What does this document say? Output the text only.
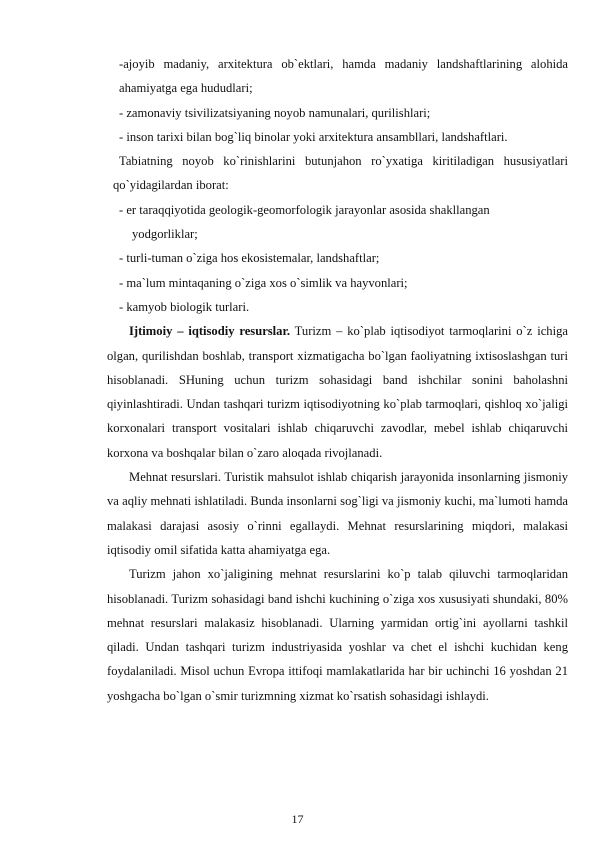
-ajoyib madaniy, arxitektura ob`ektlari, hamda madaniy landshaftlarining alohida ahamiyatga ega hududlari;

- zamonaviy tsivilizatsiyaning noyob namunalari, qurilishlari;

- inson tarixi bilan bog`liq binolar yoki arxitektura ansambllari, landshaftlari.

Tabiatning noyob ko`rinishlarini butunjahon ro`yxatiga kiritiladigan hususiyatlari qo`yidagilardan iborat:

- er taraqqiyotida geologik-geomorfologik jarayonlar asosida shakllangan
yodgorliklar;

- turli-tuman o`ziga hos ekosistemalar, landshaftlar;

- ma`lum mintaqaning o`ziga xos o`simlik va hayvonlari;

- kamyob biologik turlari.

Ijtimoiy – iqtisodiy resurslar. Turizm – ko`plab iqtisodiyot tarmoqlarini o`z ichiga olgan, qurilishdan boshlab, transport xizmatigacha bo`lgan faoliyatning ixtisoslashgan turi hisoblanadi. SHuning uchun turizm sohasidagi band ishchilar sonini baholashni qiyinlashtiradi. Undan tashqari turizm iqtisodiyotning ko`plab tarmoqlari, qishloq xo`jaligi korxonalari transport vositalari ishlab chiqaruvchi zavodlar, mebel ishlab chiqaruvchi korxona va boshqalar bilan o`zaro aloqada rivojlanadi.

Mehnat resurslari. Turistik mahsulot ishlab chiqarish jarayonida insonlarning jismoniy va aqliy mehnati ishlatiladi. Bunda insonlarni sog`ligi va jismoniy kuchi, ma`lumoti hamda malakasi darajasi asosiy o`rinni egallaydi. Mehnat resurslarining miqdori, malakasi iqtisodiy omil sifatida katta ahamiyatga ega.

Turizm jahon xo`jaligining mehnat resurslarini ko`p talab qiluvchi tarmoqlaridan hisoblanadi. Turizm sohasidagi band ishchi kuchining o`ziga xos xususiyati shundaki, 80% mehnat resurslari malakasiz hisoblanadi. Ularning yarmidan ortig`ini ayollarni tashkil qiladi. Undan tashqari turizm industriyasida yoshlar va chet el ishchi kuchidan keng foydalaniladi. Misol uchun Evropa ittifoqi mamlakatlarida har bir uchinchi 16 yoshdan 21 yoshgacha bo`lgan o`smir turizmning xizmat ko`rsatish sohasidagi ishlaydi.

17
